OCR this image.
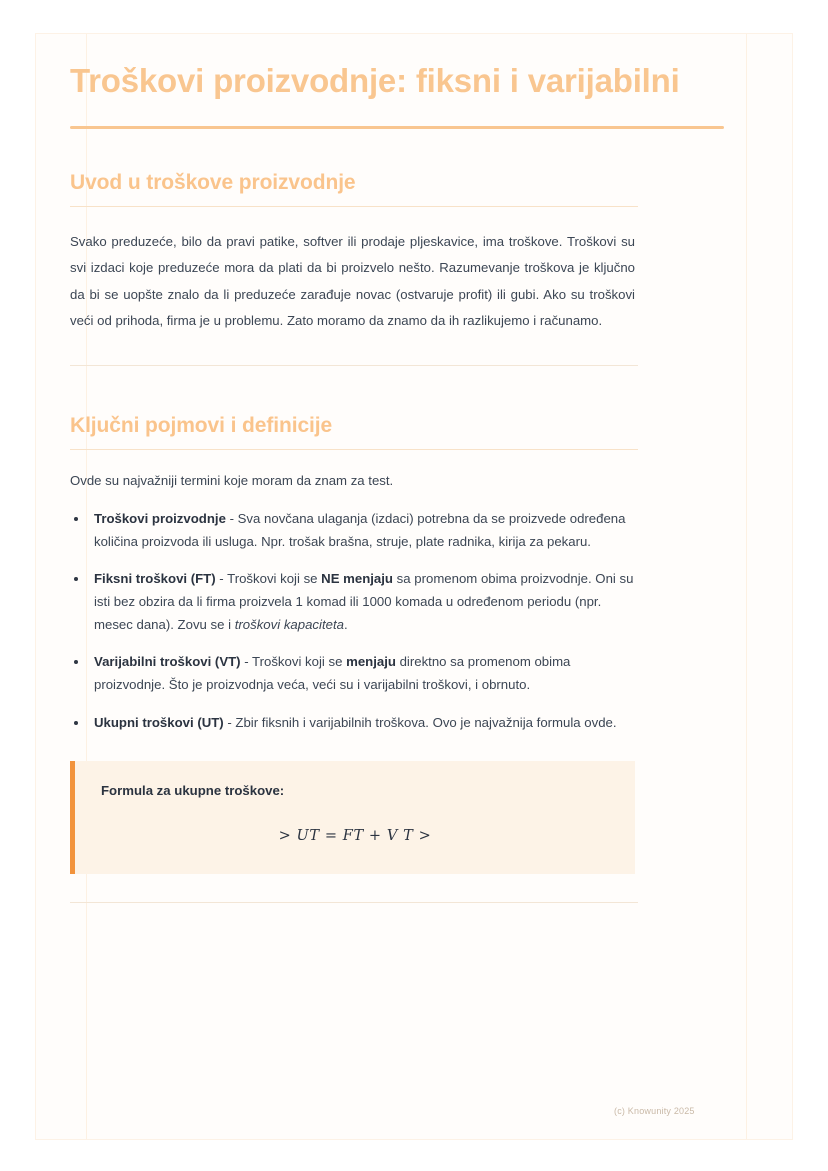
Troškovi proizvodnje: fiksni i varijabilni
Uvod u troškove proizvodnje

Svako preduzeće, bilo da pravi patike, softver ili prodaje pljeskavice, ima troškove. Troškovi su svi izdaci koje preduzeće mora da plati da bi proizvelo nešto. Razumevanje troškova je ključno da bi se uopšte znalo da li preduzeće zarađuje novac (ostvaruje profit) ili gubi. Ako su troškovi veći od prihoda, firma je u problemu. Zato moramo da znamo da ih razlikujemo i računamo.

Ključni pojmovi i definicije

Ovde su najvažniji termini koje moram da znam za test.

Troškovi proizvodnje - Sva novčana ulaganja (izdaci) potrebna da se proizvede određena količina proizvoda ili usluga. Npr. trošak brašna, struje, plate radnika, kirija za pekaru.
Fiksni troškovi (FT) - Troškovi koji se NE menjaju sa promenom obima proizvodnje. Oni su isti bez obzira da li firma proizvela 1 komad ili 1000 komada u određenom periodu (npr. mesec dana). Zovu se i troškovi kapaciteta.
Varijabilni troškovi (VT) - Troškovi koji se menjaju direktno sa promenom obima proizvodnje. Što je proizvodnja veća, veći su i varijabilni troškovi, i obrnuto.
Ukupni troškovi (UT) - Zbir fiksnih i varijabilnih troškova. Ovo je najvažnija formula ovde.
Formula za ukupne troškove:
> UT = FT + V T >
(c) Knowunity 2025
